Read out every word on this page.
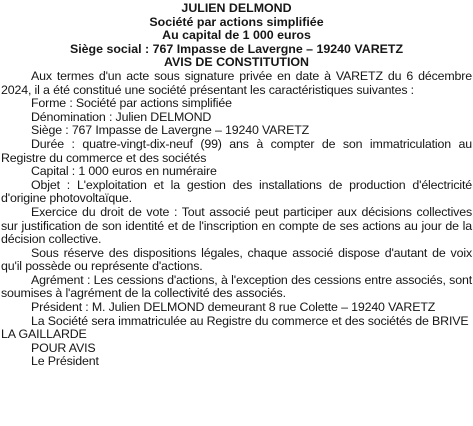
JULIEN DELMOND

Société par actions simplifiée

Au capital de 1 000 euros

Siège social : 767 Impasse de Lavergne – 19240 VARETZ

AVIS DE CONSTITUTION

Aux termes d'un acte sous signature privée en date à VARETZ du 6 décembre 2024, il a été constitué une société présentant les caractéristiques suivantes :

Forme : Société par actions simplifiée

Dénomination : Julien DELMOND

Siège : 767 Impasse de Lavergne – 19240 VARETZ

Durée : quatre-vingt-dix-neuf (99) ans à compter de son immatriculation au Registre du commerce et des sociétés

Capital : 1 000 euros en numéraire

Objet : L'exploitation et la gestion des installations de production d'électricité d'origine photovoltaïque.

Exercice du droit de vote : Tout associé peut participer aux décisions collectives sur justification de son identité et de l'inscription en compte de ses actions au jour de la décision collective.

Sous réserve des dispositions légales, chaque associé dispose d'autant de voix qu'il possède ou représente d'actions.

Agrément : Les cessions d'actions, à l'exception des cessions entre associés, sont soumises à l'agrément de la collectivité des associés.

Président : M. Julien DELMOND demeurant 8 rue Colette – 19240 VARETZ

La Société sera immatriculée au Registre du commerce et des sociétés de BRIVE LA GAILLARDE

POUR AVIS

Le Président
